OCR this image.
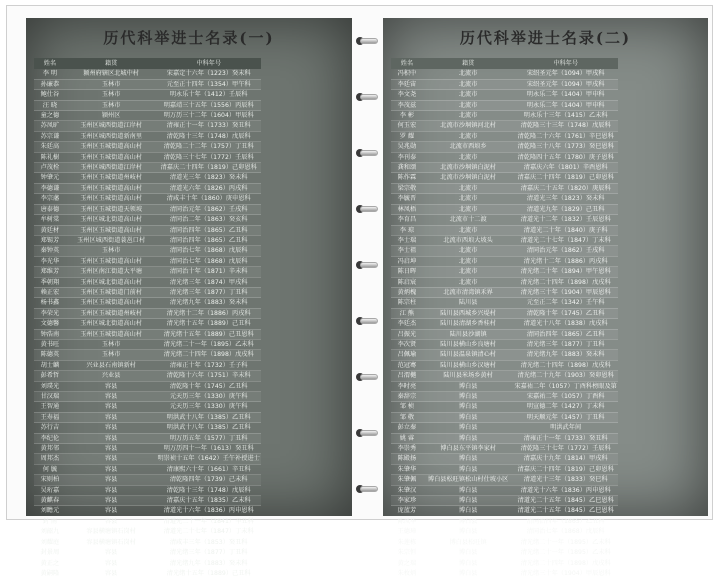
历代科举进士名录(一)
姓名	籍贯	中科年号
李 明	颍州府辖区北城中村	宋嘉定十六年（1223）癸未科
孙廉恭	玉林市	元至正十四年（1354）甲午科
鲍仕谷	玉林市	明永乐十年（1412）壬辰科
汪 晓	玉林市	明嘉靖三十五年（1556）丙辰科
童之德	颍州区	明万历三十二年（1604）甲辰科
苏凤旷	玉州区城西街道江岸村	清雍正十一年（1733）癸丑科
苏宗谦	玉州区城西街道新南里	清乾隆十三年（1748）戊辰科
朱廷高	玉州区玉城街道高山村	清乾隆二十二年（1757）丁丑科
陈礼樹	玉州区玉城街道高山村	清乾隆三十七年（1772）壬辰科
卢茂栓	玉州区城西街道江岸村	清嘉庆二十四年（1819）己卯恩科
钟肇元	玉州区玉城街道州岐村	清道光三年（1823）癸未科
李德谦	玉州区玉城街道高山村	清道光六年（1826）丙戌科
李宗藩	玉州区玉城街道高山村	清咸丰十年（1860）庚申恩科
唐泰德	玉州区玉城街道天领坡	清同治元年（1862）壬戌科
牟树棠	玉州区城北街道高山村	清同治二年（1863）癸亥科
黄廷材	玉州区玉城街道高山村	清同治四年（1865）乙丑科
郑锡芳	玉州区城西街道蓑邕口村	清同治四年（1865）乙丑科
秦钟英	玉林市	清同治七年（1868）戊辰科
李光华	玉州区玉城街道高山村	清同治七年（1868）戊辰科
郑维芳	玉州区南江街道大平塘	清同治十年（1871）辛未科
季朝翔	玉州区城北街道高山村	清光绪三年（1874）甲戌科
赖正宏	玉州区玉城街道门前村	清光绪三年（1877）丁丑科
杨书鑫	玉州区玉城街道高山村	清光绪九年（1883）癸未科
李荣光	玉州区玉城街道州岐村	清光绪十二年（1886）丙戌科
文德馨	玉州区城北街道高山村	清光绪十五年（1889）己丑科
钟浩南	玉州区玉城街道高山村	清光绪十五年（1889）己丑恩科
黄书旺	玉林市	清光绪二十一年（1895）乙未科
陈德英	玉林市	清光绪二十四年（1898）戊戌科
胡士麟	兴业县石南镇新村	清雍正十年（1732）壬子科
彭希哲	兴业县	清乾隆十六年（1751）辛未科
刘璞光	容县	清乾隆十年（1745）乙丑科
甘汉瑞	容县	元天历三年（1330）庚午科
王智通	容县	元天历三年（1330）庚午科
王寿福	容县	明洪武十八年（1385）乙丑科
苏行吉	容县	明洪武十八年（1385）乙丑科
李纪伦	容县	明万历五年（1577）丁丑科
黄邦邻	容县	明万历四十一年（1613）癸丑科
周邦杰	容县	明崇祯十五年（1642）壬午补授进士
何 毓	容县	清康熙六十年（1661）辛丑科
宋则柏	容县	清乾隆四年（1739）己未科
吴珩嘉	容县	清乾隆十三年（1748）戊辰科
黄麒春	容县	清嘉庆十五年（1835）乙未科
刘瞻元	容县	清道光十六年（1836）丙申恩科
封 南	容县	清道光二十一年（1841）辛丑科
刘韶九	容县横塘镇石岗村	清道光二十七年（1847）丁未科
刘耀庭	容县横塘镇石岗村	清咸丰三年（1853）癸丑科
封景周	容县	清光绪三年（1877）丁丑科
黄正之	容县	清光绪九年（1883）癸未科
黄嗣隆	容县	清光绪十五年（1889）己丑科
历代科举进士名录(二)
姓名	籍贯	中科年号
冯积中	北流市	宋绍圣元年（1094）甲戌科
李廷宙	北流市	宋绍圣元年（1094）甲戌科
李文尧	北流市	明永乐二年（1404）甲申科
李茂兹	北流市	明永乐二年（1404）甲申科
李 彬	北流市	明永乐十三年（1415）乙未科
何玉宏	北流市沙垌镇河北村	清乾隆三十三年（1748）戊辰科
罗 耀	北流市	清乾隆二十六年（1761）辛巳恩科
吴兆勋	北流市西埌乡	清乾隆三十八年（1773）癸巳恩科
李刊泰	北流市	清乾隆四十五年（1780）庚子恩科
龚和颂	北流市沙垌镇白泥村	清嘉庆六年（1801）辛酉恩科
陈作霖	北流市沙垌镇白泥村	清嘉庆二十四年（1819）己卯恩科
梁宗敬	北流市	清嘉庆二十五年（1820）庚辰科
李毓晋	北流市	清道光三年（1823）癸未科
林凤梧	北流市	清道光九年（1829）己丑科
李育昌	北流市十二渡	清道光十二年（1832）壬辰恩科
李 琼	北流市	清道光二十年（1840）庚子科
李士瑞	北流市西埌大坡头	清道光二十七年（1847）丁未科
李士祖	北流市	清同治元年（1862）壬戌科
冯启坤	北流市	清光绪十二年（1886）丙戌科
陈日晖	北流市	清光绪二十年（1894）甲午恩科
陈启宸	北流市	清光绪二十四年（1898）戊戌科
黄炳槐	北流市清湾镇禾界	清光绪三十年（1904）甲辰恩科
陈宗柱	陆川县	元至正二年（1342）壬午科
江 熊	陆川县西城乡兴堤村	清乾隆十年（1745）乙丑科
李廷杰	陆川县清湖乡香桂村	清道光十八年（1838）戊戌科
吕振光	陆川县沙湖镇	清同治四年（1865）乙丑科
李次贤	陆川县横山乡良塘村	清光绪三年（1877）丁丑科
吕佩瑜	陆川县温泉镇清心村	清光绪九年（1883）癸未科
范冠骞	陆川县横山乡汉塘村	清光绪二十四年（1898）戊戌科
吕渭樾	陆川县米场乡黄村	清光绪二十九年（1903）癸卯恩科
李时亮	博白县	宋嘉祐二年（1057）丁酉科榜眼及第
秦辞宗	博白县	宋嘉祐二年（1057）丁酉科
邹 桢	博白县	明宣德二年（1427）丁未科
邹 敬	博白县	明天顺元年（1457）丁丑科
彭立秦	博白县	明洪武年间
姚 睿	博白县	清雍正十一年（1733）癸丑科
李崇秀	博白县东平镇李家村	清乾隆三十七年（1772）壬辰科
陈殿扬	博白县	清嘉庆十九年（1814）甲戌科
朱肇华	博白县	清嘉庆二十四年（1819）己卯恩科
朱肇佩	博白县松旺镇松山村仕坡小区	清道光十三年（1833）癸巳科
朱肇汉	博白县	清道光十六年（1836）丙申恩科
李家珍	博白县	清道光二十五年（1845）乙巳恩科
庞蓝芳	博白县	清道光二十五年（1845）乙巳恩科
陈凤华	博白县	清同治四年（1865）乙丑科
王德璋	博白县	清同治七年（1868）戊辰科
朱莲栋	博白县松旺镇	清光绪二十一年（1895）乙未科
朱宗恒	博白县	清光绪二十一年（1895）乙未科
黄之瑞	博白县	清光绪二十四年（1898）戊戌科
朱枚炳	博白县	清光绪三十年（1904）甲辰恩科
